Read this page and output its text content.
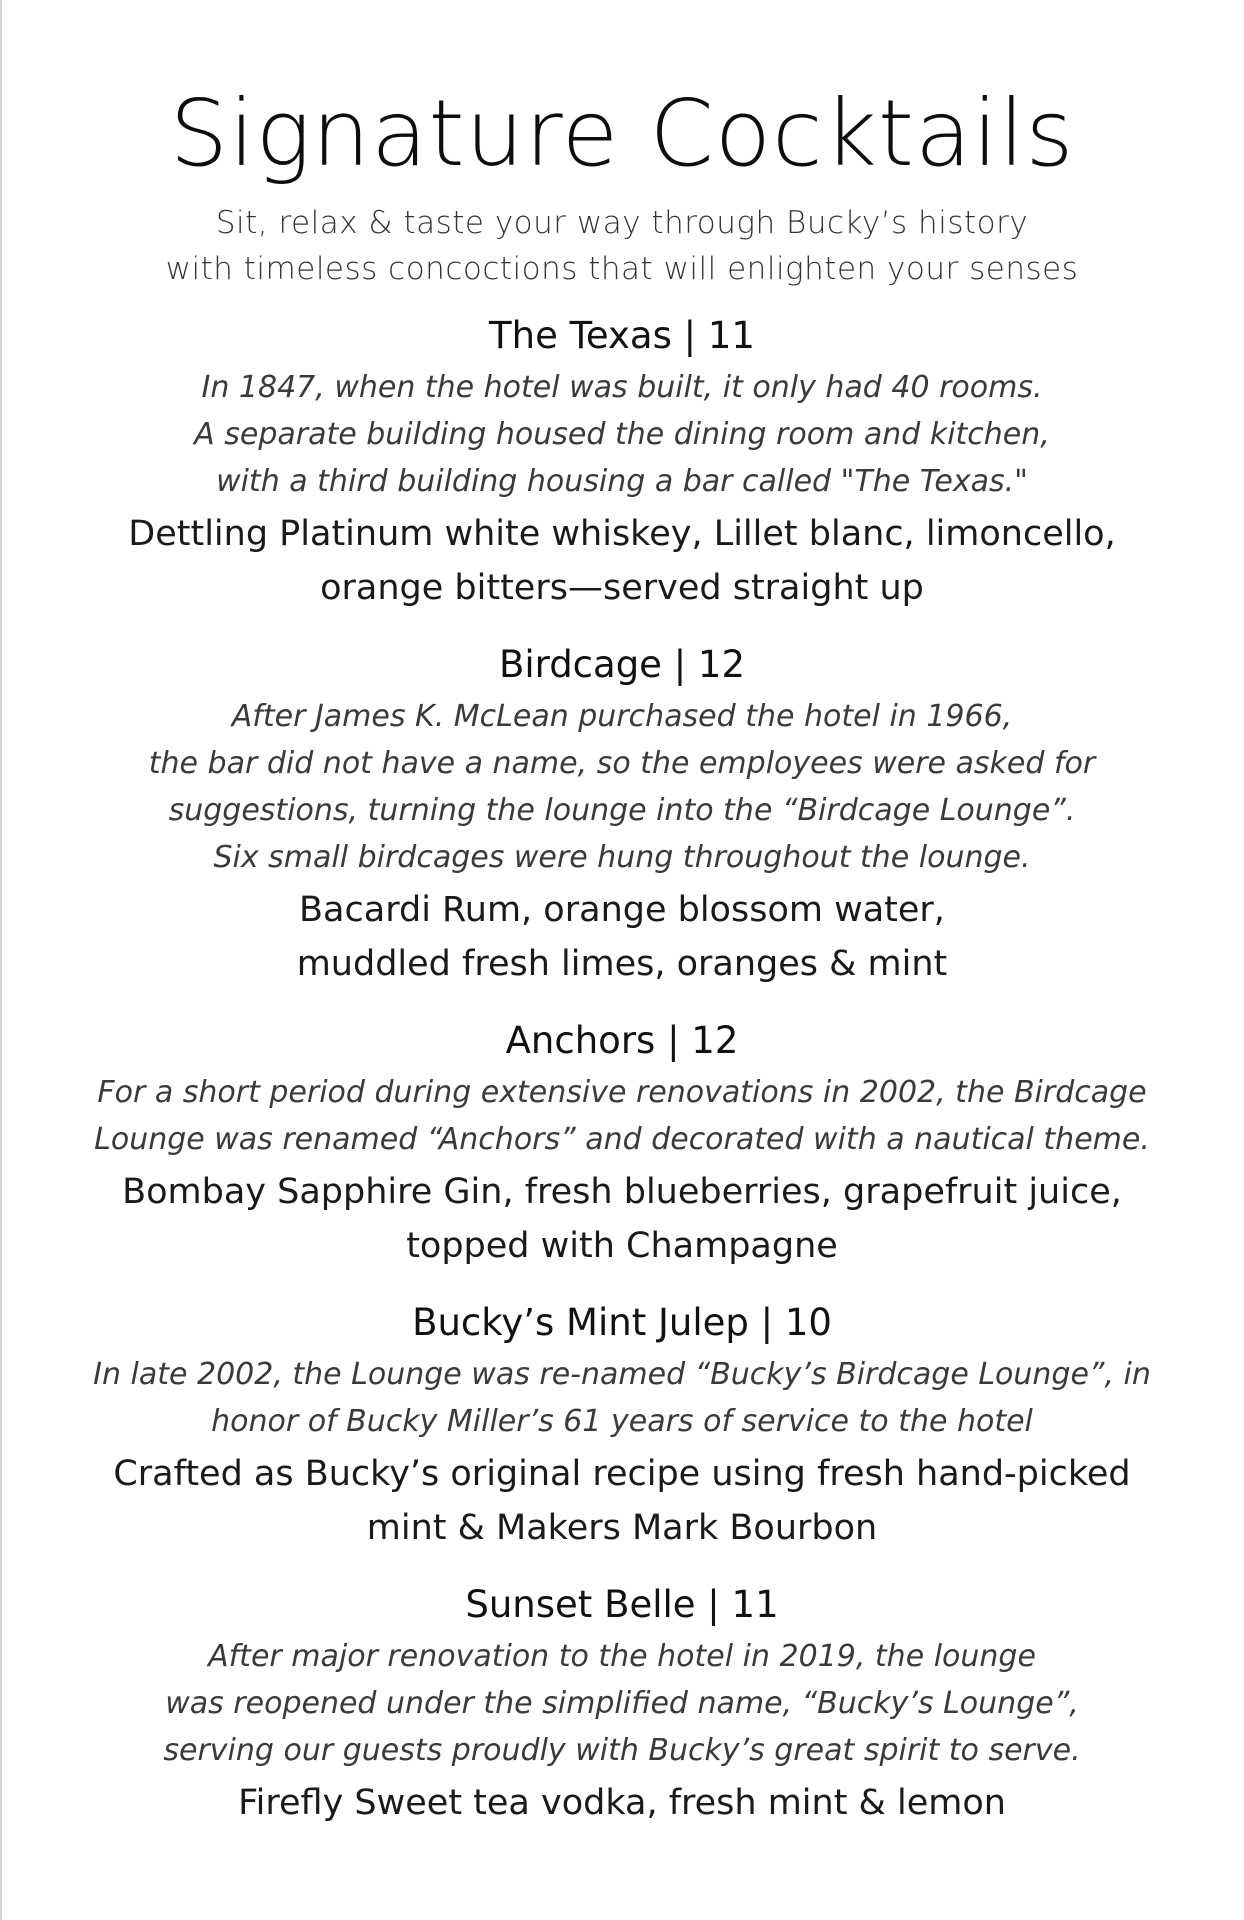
Signature Cocktails
Sit, relax & taste your way through Bucky’s history
with timeless concoctions that will enlighten your senses
The Texas | 11
In 1847, when the hotel was built, it only had 40 rooms.
A separate building housed the dining room and kitchen,
with a third building housing a bar called "The Texas."
Dettling Platinum white whiskey, Lillet blanc, limoncello,
orange bitters—served straight up
Birdcage | 12
After James K. McLean purchased the hotel in 1966,
the bar did not have a name, so the employees were asked for
suggestions, turning the lounge into the “Birdcage Lounge”.
Six small birdcages were hung throughout the lounge.
Bacardi Rum, orange blossom water,
muddled fresh limes, oranges & mint
Anchors | 12
For a short period during extensive renovations in 2002, the Birdcage
Lounge was renamed “Anchors” and decorated with a nautical theme.
Bombay Sapphire Gin, fresh blueberries, grapefruit juice,
topped with Champagne
Bucky’s Mint Julep | 10
In late 2002, the Lounge was re-named “Bucky’s Birdcage Lounge”, in
honor of Bucky Miller’s 61 years of service to the hotel
Crafted as Bucky’s original recipe using fresh hand-picked
mint & Makers Mark Bourbon
Sunset Belle | 11
After major renovation to the hotel in 2019, the lounge
was reopened under the simplified name, “Bucky’s Lounge”,
serving our guests proudly with Bucky’s great spirit to serve.
Firefly Sweet tea vodka, fresh mint & lemon
